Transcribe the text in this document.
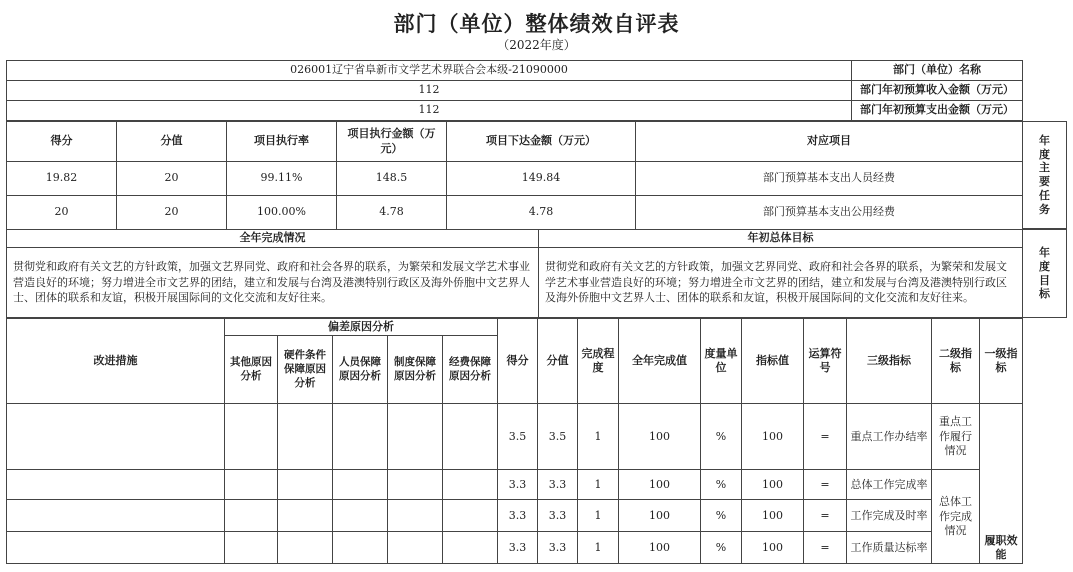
部门（单位）整体绩效自评表
（2022年度）
026001辽宁省阜新市文学艺术界联合会本级-21090000	部门（单位）名称
112	部门年初预算收入金额（万元）
112	部门年初预算支出金额（万元）
得分	分值	项目执行率	项目执行金额（万元）	项目下达金额（万元）		对应项目
19.82	20	99.11%	148.5	149.84		部门预算基本支出人员经费
20	20	100.00%	4.78	4.78		部门预算基本支出公用经费
全年完成情况					年初总体目标	
贯彻党和政府有关文艺的方针政策，加强文艺界同党、政府和社会各界的联系，为繁荣和发展文学艺术事业营造良好的环境；努力增进全市文艺界的团结，建立和发展与台湾及港澳特别行政区及海外侨胞中文艺界人士、团体的联系和友谊，积极开展国际间的文化交流和友好往来。					贯彻党和政府有关文艺的方针政策，加强文艺界同党、政府和社会各界的联系，为繁荣和发展文学艺术事业营造良好的环境；努力增进全市文艺界的团结，建立和发展与台湾及港澳特别行政区及海外侨胞中文艺界人士、团体的联系和友谊，积极开展国际间的文化交流和友好往来。	
年度主要任务
年度目标
改进措施	偏差原因分析					得分	分值	完成程度	全年完成值	度量单位	指标值	运算符号	三级指标	二级指标	一级指标
	其他原因分析	硬件条件保障原因分析	人员保障原因分析	制度保障原因分析	经费保障原因分析										
						3.5	3.5	1	100	%	100	=	重点工作办结率	重点工作履行情况	履职效能
						3.3	3.3	1	100	%	100	=	总体工作完成率	总体工作完成情况	
						3.3	3.3	1	100	%	100	=	工作完成及时率		
						3.3	3.3	1	100	%	100	=	工作质量达标率		
